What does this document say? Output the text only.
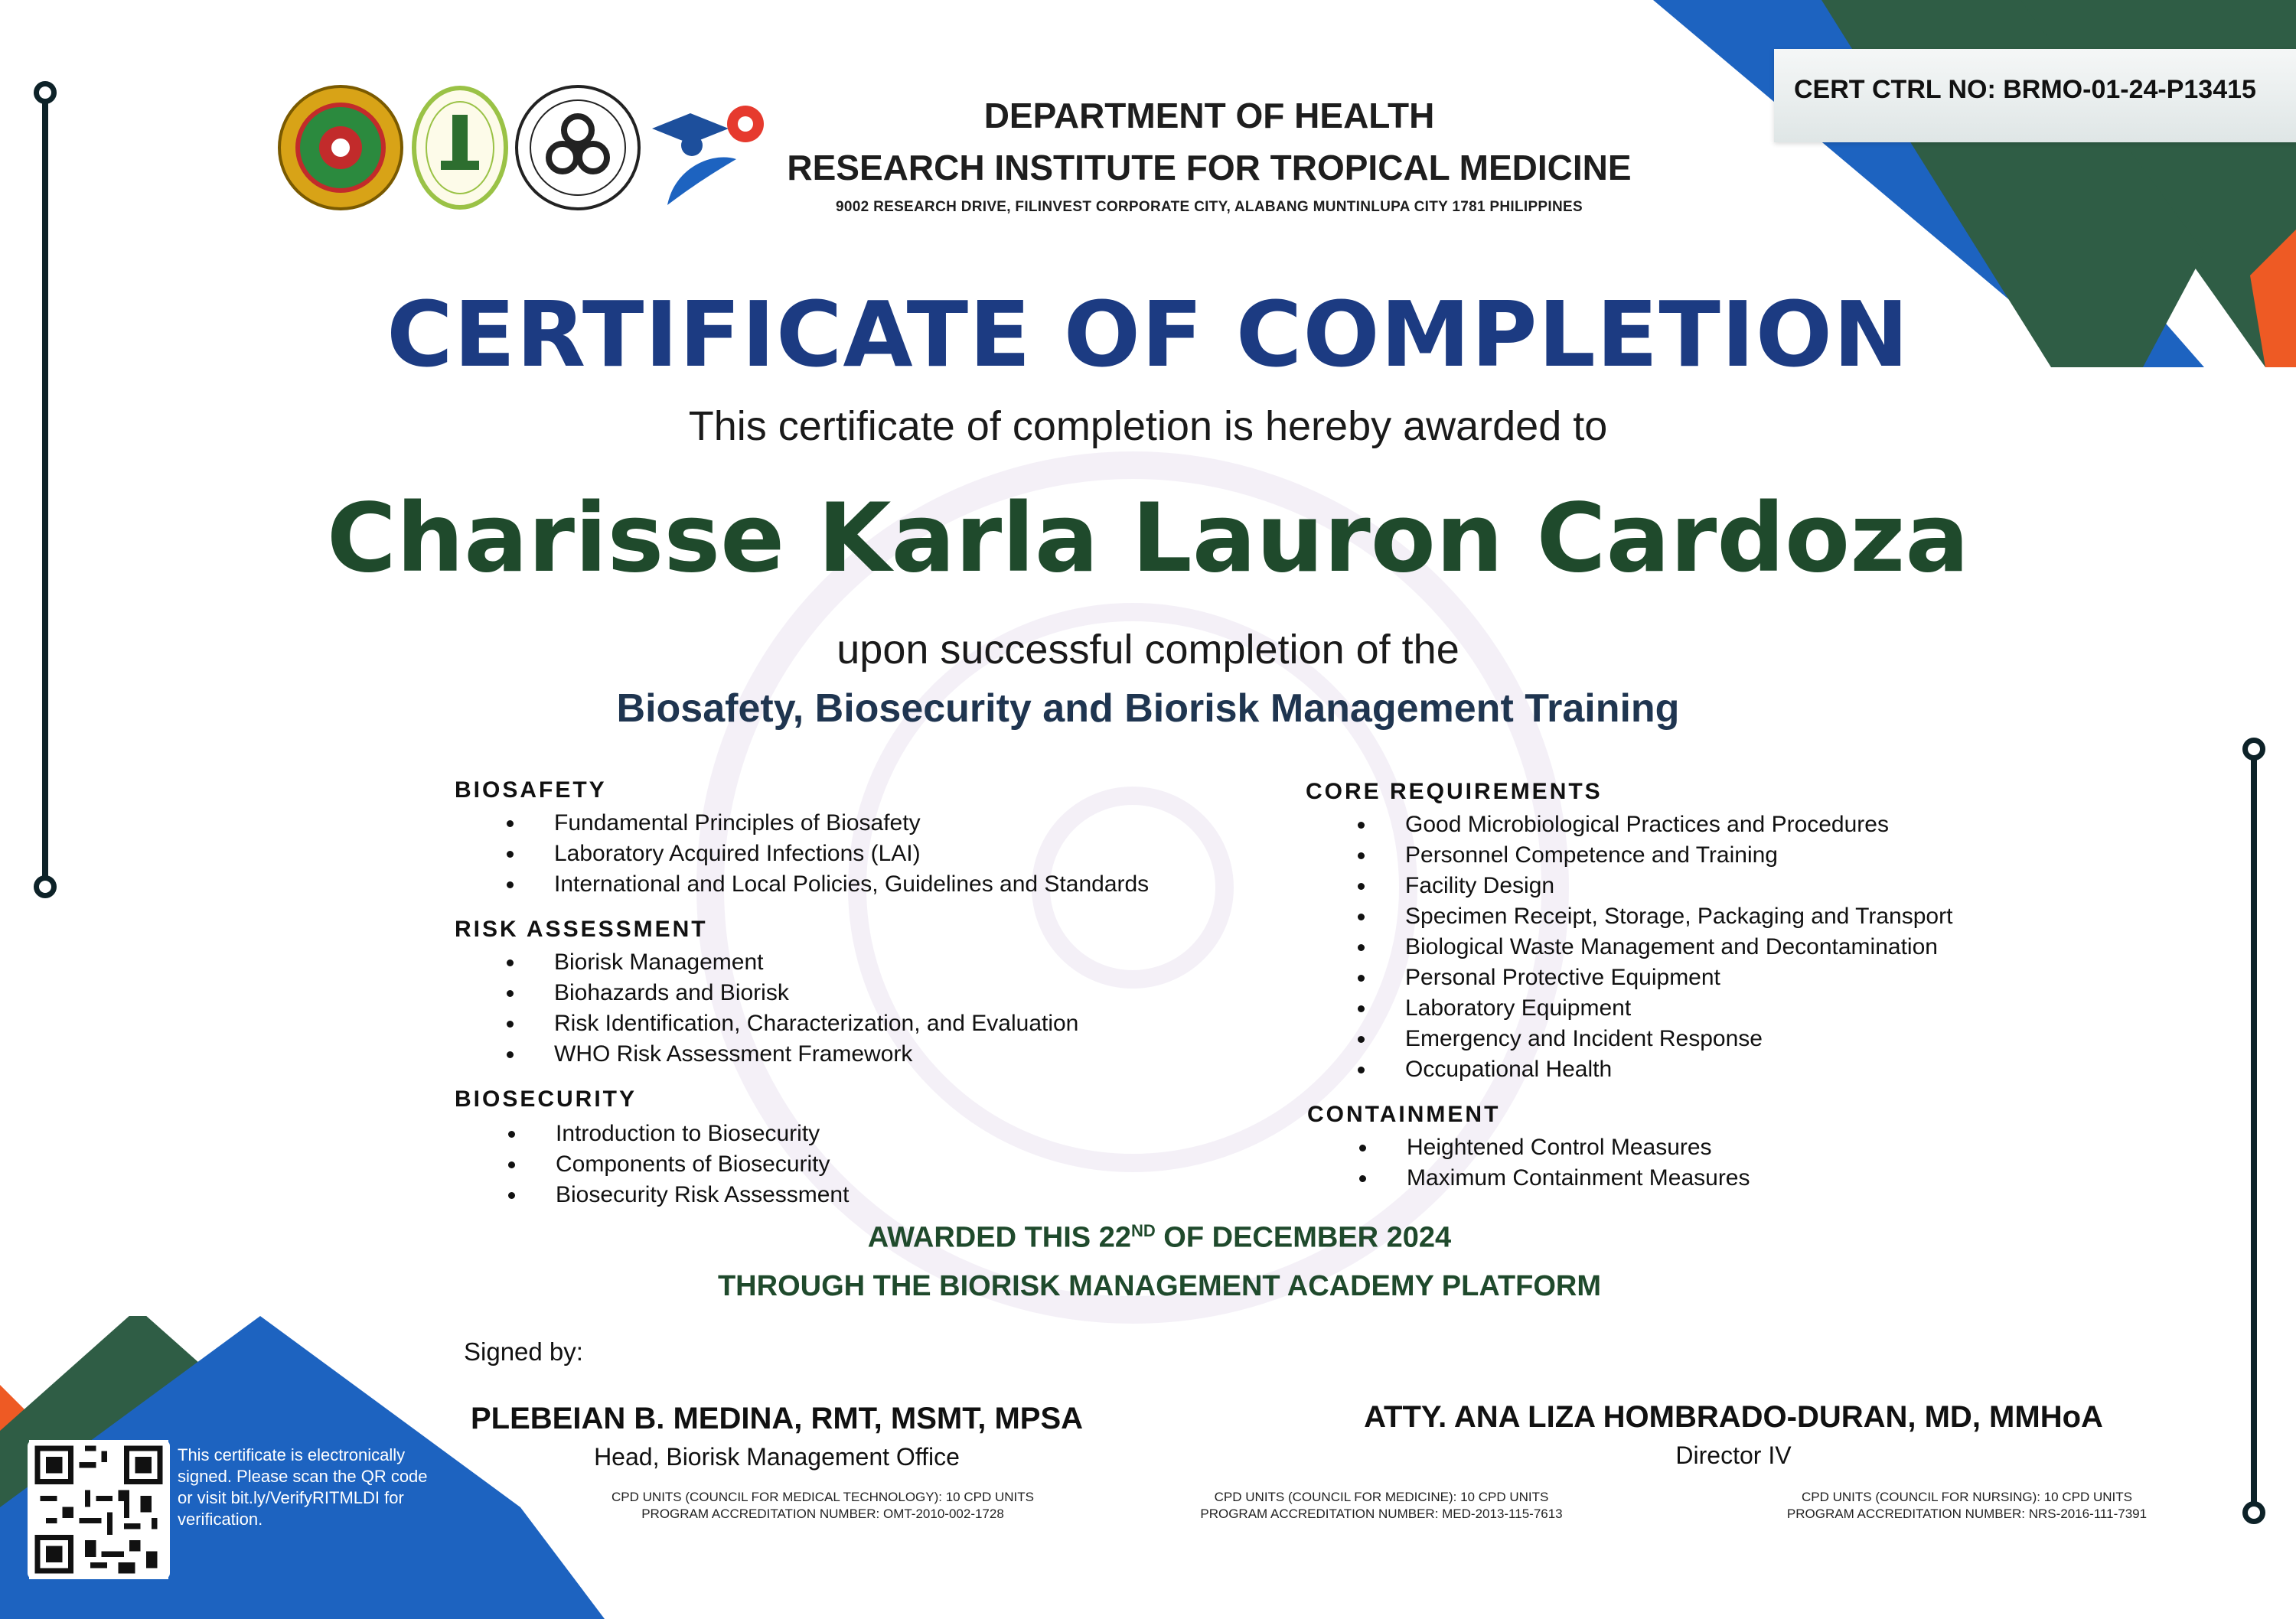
CERT CTRL NO: BRMO-01-24-P13415
DEPARTMENT OF HEALTH
RESEARCH INSTITUTE FOR TROPICAL MEDICINE
9002 RESEARCH DRIVE, FILINVEST CORPORATE CITY, ALABANG MUNTINLUPA CITY 1781 PHILIPPINES
CERTIFICATE OF COMPLETION
This certificate of completion is hereby awarded to
Charisse Karla Lauron Cardoza
upon successful completion of the
Biosafety, Biosecurity and Biorisk Management Training
BIOSAFETY
Fundamental Principles of Biosafety
Laboratory Acquired Infections (LAI)
International and Local Policies, Guidelines and Standards
RISK ASSESSMENT
Biorisk Management
Biohazards and Biorisk
Risk Identification, Characterization, and Evaluation
WHO Risk Assessment Framework
BIOSECURITY
Introduction to Biosecurity
Components of Biosecurity
Biosecurity Risk Assessment
CORE REQUIREMENTS
Good Microbiological Practices and Procedures
Personnel Competence and Training
Facility Design
Specimen Receipt, Storage, Packaging and Transport
Biological Waste Management and Decontamination
Personal Protective Equipment
Laboratory Equipment
Emergency and Incident Response
Occupational Health
CONTAINMENT
Heightened Control Measures
Maximum Containment Measures
AWARDED THIS 22ND OF DECEMBER 2024
THROUGH THE BIORISK MANAGEMENT ACADEMY PLATFORM
Signed by:
PLEBEIAN B. MEDINA, RMT, MSMT, MPSA
Head, Biorisk Management Office
ATTY. ANA LIZA HOMBRADO-DURAN, MD, MMHoA
Director IV
CPD UNITS (COUNCIL FOR MEDICAL TECHNOLOGY): 10 CPD UNITS
PROGRAM ACCREDITATION NUMBER: OMT-2010-002-1728
CPD UNITS (COUNCIL FOR MEDICINE): 10 CPD UNITS
PROGRAM ACCREDITATION NUMBER: MED-2013-115-7613
CPD UNITS (COUNCIL FOR NURSING): 10 CPD UNITS
PROGRAM ACCREDITATION NUMBER: NRS-2016-111-7391
This certificate is electronically signed. Please scan the QR code or visit bit.ly/VerifyRITMLDI for verification.
